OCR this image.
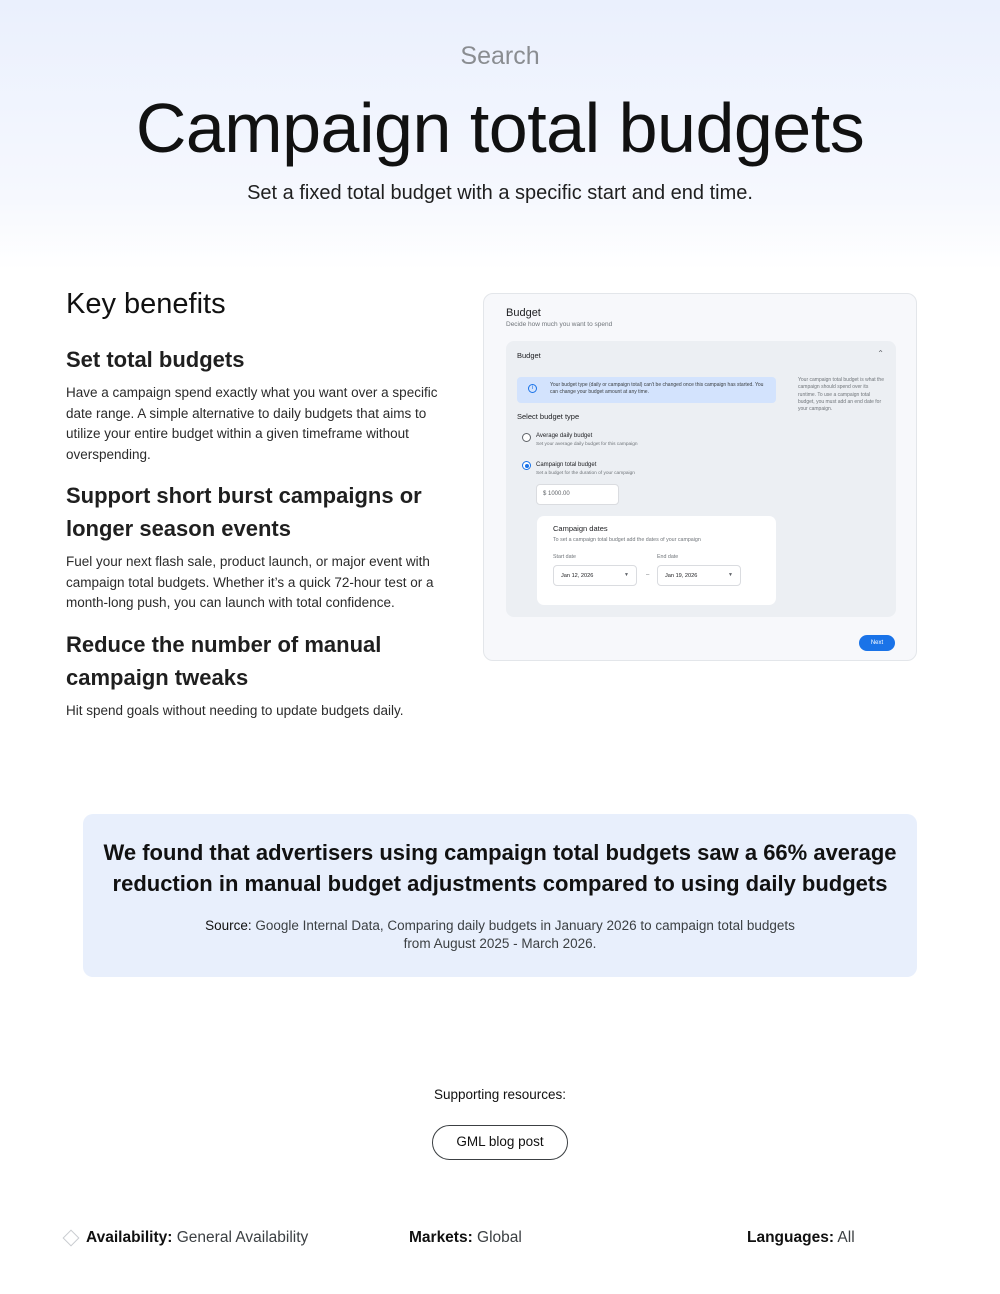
Search
Campaign total budgets
Set a fixed total budget with a specific start and end time.
Key benefits
Set total budgets

Have a campaign spend exactly what you want over a specific date range. A simple alternative to daily budgets that aims to utilize your entire budget within a given timeframe without overspending.

Support short burst campaigns or longer season events

Fuel your next flash sale, product launch, or major event with campaign total budgets. Whether it’s a quick 72-hour test or a month-long push, you can launch with total confidence.

Reduce the number of manual campaign tweaks

Hit spend goals without needing to update budgets daily.

Budget
Decide how much you want to spend
Budget	⌃
i	Your budget type (daily or campaign total) can't be changed once this campaign has started. You can change your budget amount at any time.
Your campaign total budget is what the campaign should spend over its runtime. To use a campaign total budget, you must add an end date for your campaign.
Select budget type
Average daily budget
Set your average daily budget for this campaign
Campaign total budget
Set a budget for the duration of your campaign
$ 1000.00
Campaign dates
To set a campaign total budget add the dates of your campaign
Start date
Jan 12, 2026	▼	–
End date
Jan 19, 2026	▼
Next
We found that advertisers using campaign total budgets saw a 66% average reduction in manual budget adjustments compared to using daily budgets
Source: Google Internal Data, Comparing daily budgets in January 2026 to campaign total budgets from August 2025 - March 2026.
Supporting resources:
GML blog post
Availability: General Availability	Markets: Global	Languages: All
